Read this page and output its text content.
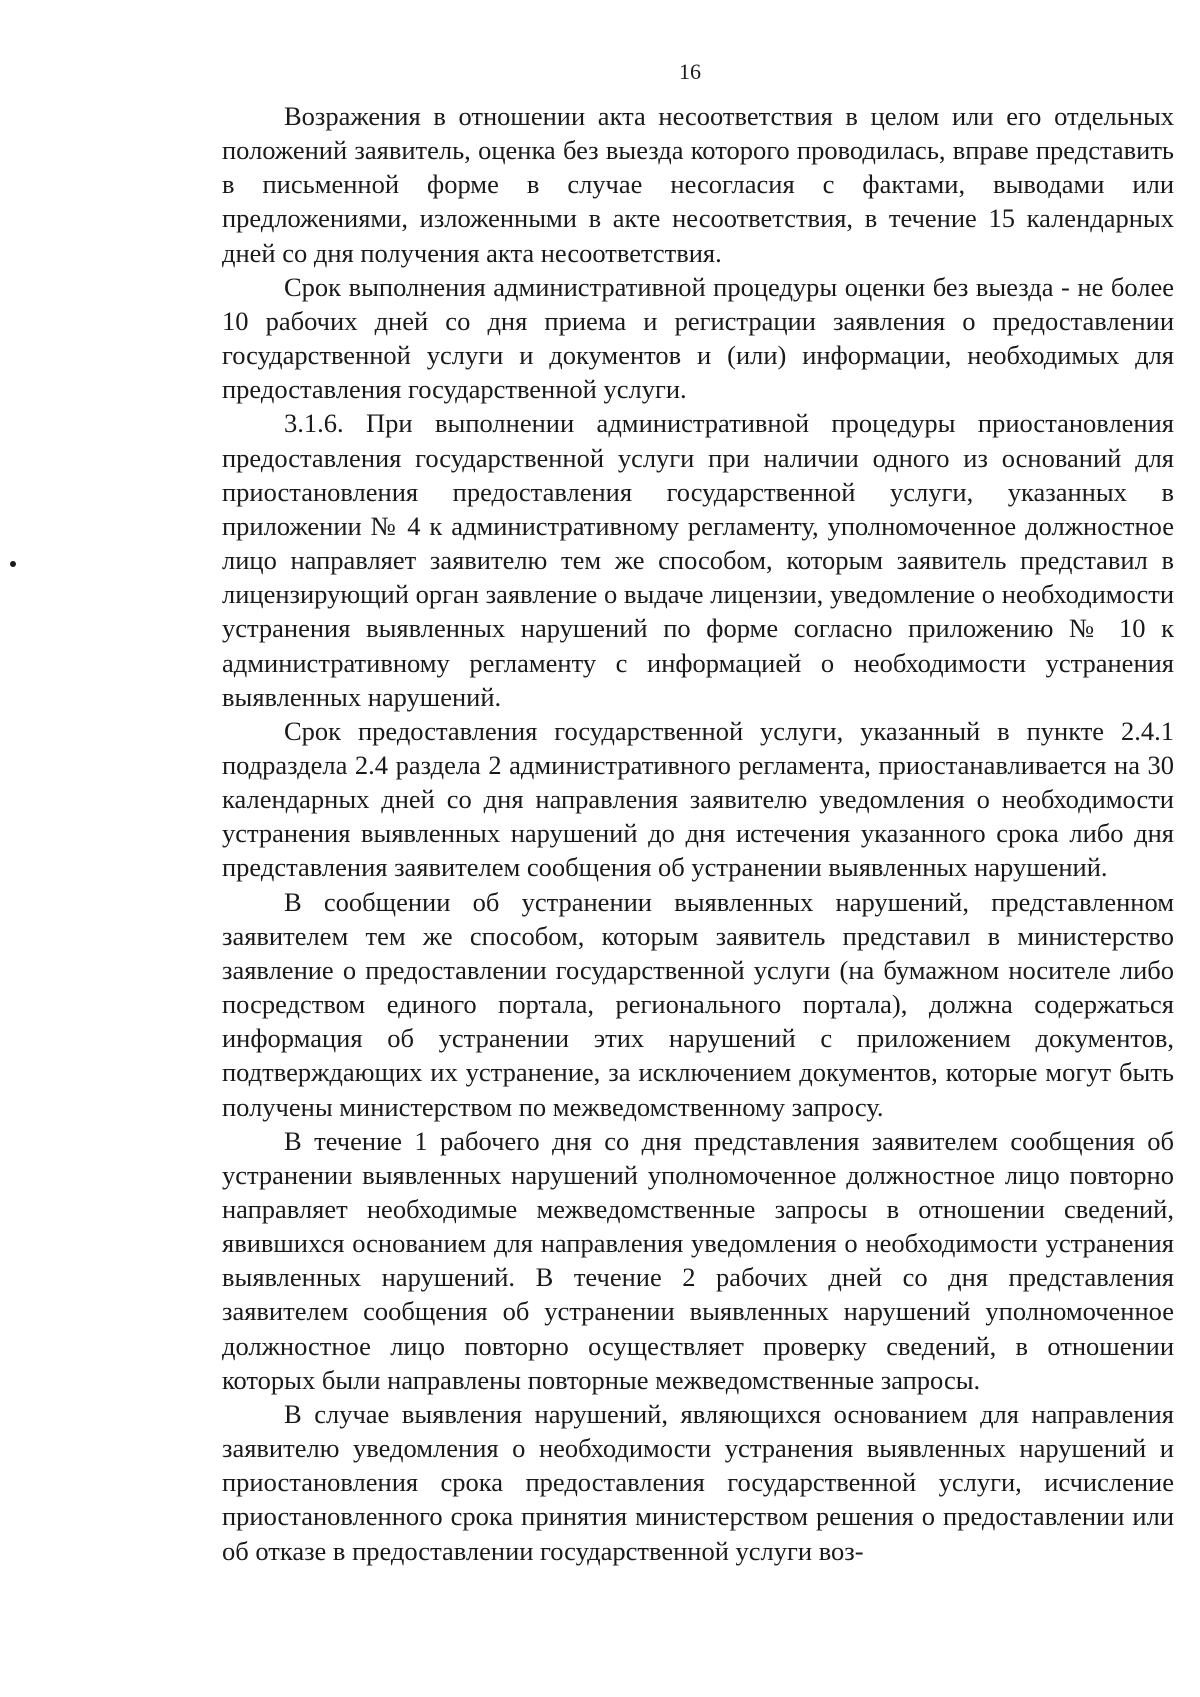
16

Возражения в отношении акта несоответствия в целом или его отдельных положений заявитель, оценка без выезда которого проводилась, вправе представить в письменной форме в случае несогласия с фактами, выводами или предложениями, изложенными в акте несоответствия, в течение 15 календарных дней со дня получения акта несоответствия.

Срок выполнения административной процедуры оценки без выезда - не более 10 рабочих дней со дня приема и регистрации заявления о предоставлении государственной услуги и документов и (или) информации, необходимых для предоставления государственной услуги.

3.1.6. При выполнении административной процедуры приостановления предоставления государственной услуги при наличии одного из оснований для приостановления предоставления государственной услуги, указанных в приложении № 4 к административному регламенту, уполномоченное должностное лицо направляет заявителю тем же способом, которым заявитель представил в лицензирующий орган заявление о выдаче лицензии, уведомление о необходимости устранения выявленных нарушений по форме согласно приложению № 10 к административному регламенту с информацией о необходимости устранения выявленных нарушений.

Срок предоставления государственной услуги, указанный в пункте 2.4.1 подраздела 2.4 раздела 2 административного регламента, приостанавливается на 30 календарных дней со дня направления заявителю уведомления о необходимости устранения выявленных нарушений до дня истечения указанного срока либо дня представления заявителем сообщения об устранении выявленных нарушений.

В сообщении об устранении выявленных нарушений, представленном заявителем тем же способом, которым заявитель представил в министерство заявление о предоставлении государственной услуги (на бумажном носителе либо посредством единого портала, регионального портала), должна содержаться информация об устранении этих нарушений с приложением документов, подтверждающих их устранение, за исключением документов, которые могут быть получены министерством по межведомственному запросу.

В течение 1 рабочего дня со дня представления заявителем сообщения об устранении выявленных нарушений уполномоченное должностное лицо повторно направляет необходимые межведомственные запросы в отношении сведений, явившихся основанием для направления уведомления о необходимости устранения выявленных нарушений. В течение 2 рабочих дней со дня представления заявителем сообщения об устранении выявленных нарушений уполномоченное должностное лицо повторно осуществляет проверку сведений, в отношении которых были направлены повторные межведомственные запросы.

В случае выявления нарушений, являющихся основанием для направления заявителю уведомления о необходимости устранения выявленных нарушений и приостановления срока предоставления государственной услуги, исчисление приостановленного срока принятия министерством решения о предоставлении или об отказе в предоставлении государственной услуги воз-
